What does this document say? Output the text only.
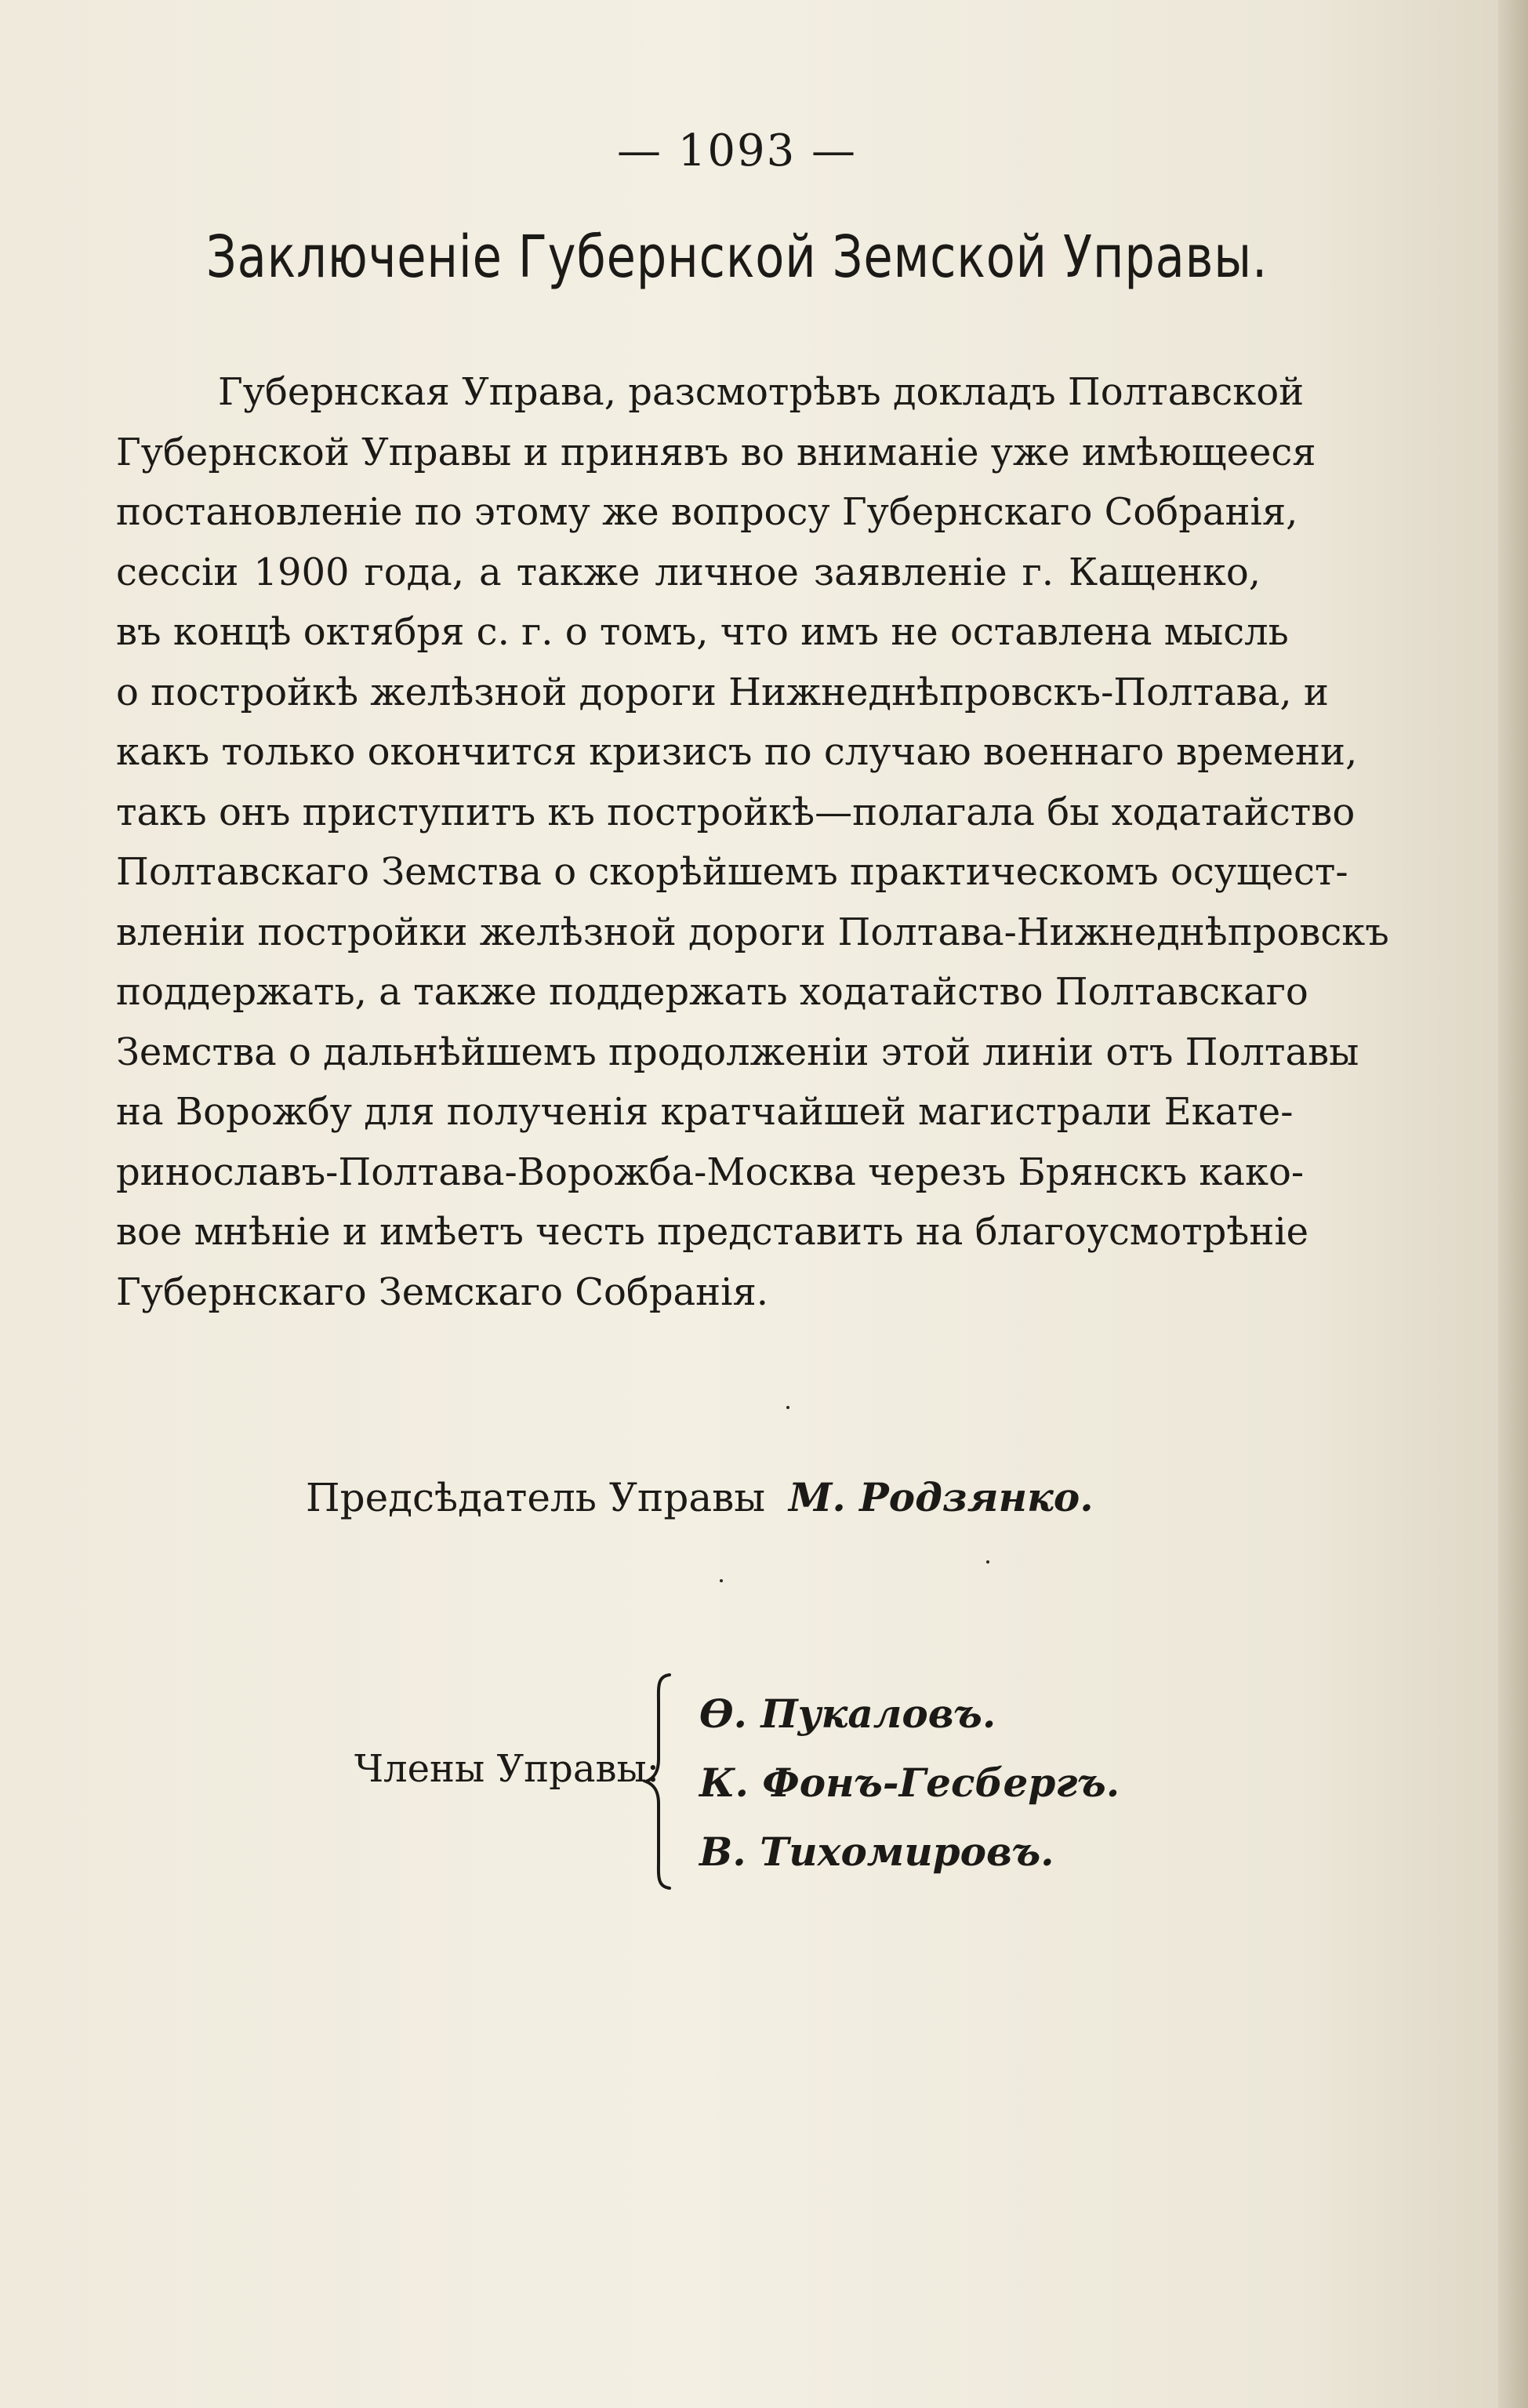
— 1093 —
Заключенiе Губернской Земской Управы.
Губернская Управа, разсмотрѣвъ докладъ Полтавской
Губернской Управы и принявъ во вниманiе уже имѣющееся
постановленiе по этому же вопросу Губернскаго Собранiя,
сессiи 1900 года, а также личное заявленiе г. Кащенко,
въ концѣ октября с. г. о томъ, что имъ не оставлена мысль
о постройкѣ желѣзной дороги Нижнеднѣпровскъ-Полтава, и
какъ только окончится кризисъ по случаю военнаго времени,
такъ онъ приступитъ къ постройкѣ—полагала бы ходатайство
Полтавскаго Земства о скорѣйшемъ практическомъ осущест-
вленiи постройки желѣзной дороги Полтава-Нижнеднѣпровскъ
поддержать, а также поддержать ходатайство Полтавскаго
Земства о дальнѣйшемъ продолженiи этой линiи отъ Полтавы
на Ворожбу для полученiя кратчайшей магистрали Екате-
ринославъ-Полтава-Ворожба-Москва черезъ Брянскъ како-
вое мнѣнiе и имѣетъ честь представить на благоусмотрѣнiе
Губернскаго Земскаго Собранiя.
Предсѣдатель Управы М. Родзянко.
Члены Управы:
Ѳ. Пукаловъ.
К. Фонъ-Гесбергъ.
В. Тихомировъ.
